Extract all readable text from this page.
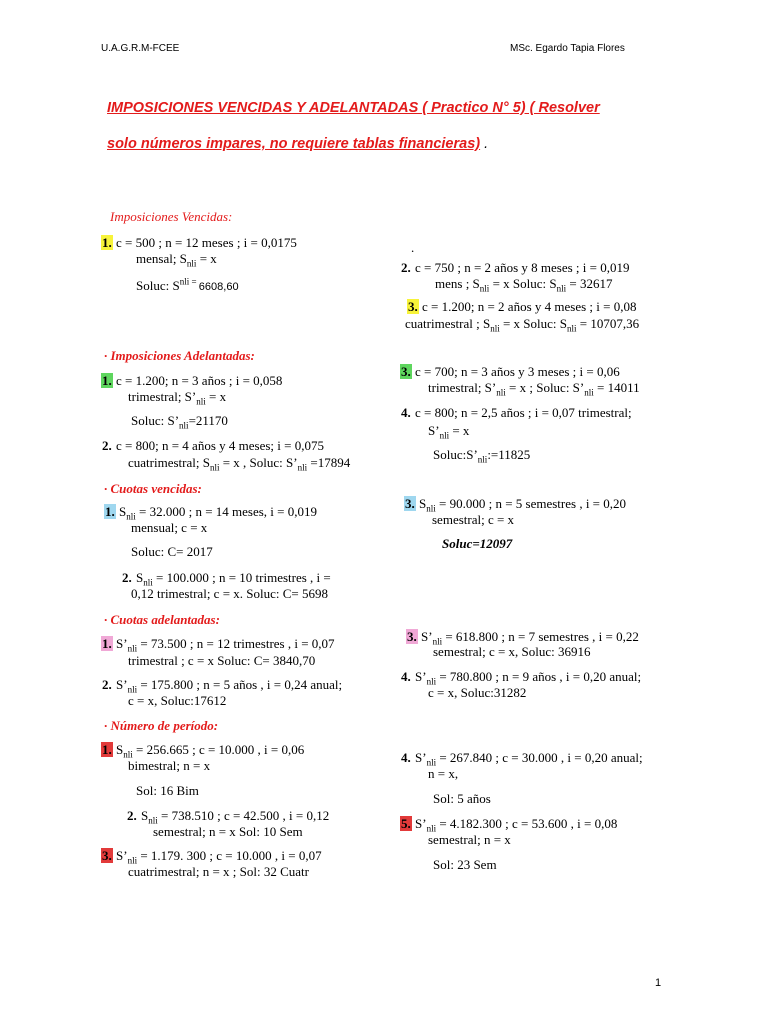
U.A.G.R.M-FCEE	MSc. Egardo Tapia Flores
IMPOSICIONES VENCIDAS Y ADELANTADAS ( Practico N° 5) ( Resolver
solo números impares, no requiere tablas financieras) .
Imposiciones Vencidas:
1. c = 500 ; n = 12 meses ; i = 0,0175
mensal; $S_{nli} = x$
Soluc: $S^{nli =}$ 6608,60
· Imposiciones Adelantadas:
1. c = 1.200; n = 3 años ; i = 0,058
trimestral; $S’_{nli} = x$
Soluc: $S’_{nli}=21170$
2. c = 800; n = 4 años y 4 meses; i = 0,075
cuatrimestral; $S_{nli} = x$ , Soluc: $S’_{nli} =17894$
· Cuotas vencidas:
1. $S_{nli} = 32.000$ ; n = 14 meses, i = 0,019
mensual; c = x
Soluc: C= 2017
2. $S_{nli} = 100.000$ ; n = 10 trimestres , i =
0,12 trimestral; c = x. Soluc: C= 5698
· Cuotas adelantadas:
1. $S’_{nli} = 73.500$ ; n = 12 trimestres , i = 0,07
trimestral ; c = x Soluc: C= 3840,70
2. $S’_{nli} = 175.800$ ; n = 5 años , i = 0,24 anual;
c = x, Soluc:17612
· Número de período:
1. $S_{nli} = 256.665$ ; c = 10.000 , i = 0,06
bimestral; n = x
Sol: 16 Bim
2. $S_{nli} = 738.510$ ; c = 42.500 , i = 0,12
semestral; n = x Sol: 10 Sem
3. $S’_{nli} = 1.179$. 300 ; c = 10.000 , i = 0,07
cuatrimestral; n = x ; Sol: 32 Cuatr
.
2. c = 750 ; n = 2 años y 8 meses ; i = 0,019
mens ; $S_{nli} = x$ Soluc: $S_{nli} = 32617$
3. c = 1.200; n = 2 años y 4 meses ; i = 0,08
cuatrimestral ; $S_{nli} = x$ Soluc: $S_{nli} = 10707,36$
3. c = 700; n = 3 años y 3 meses ; i = 0,06
trimestral; $S’_{nli} = x$ ; Soluc: $S’_{nli} = 14011$
4. c = 800; n = 2,5 años ; i = 0,07 trimestral;
$S’_{nli} = x$
$Soluc:S’_{nli}:=11825$
3. $S_{nli} = 90.000$ ; n = 5 semestres , i = 0,20
semestral; c = x
Soluc=12097
3. $S’_{nli} = 618.800$ ; n = 7 semestres , i = 0,22
semestral; c = x, Soluc: 36916
4. $S’_{nli} = 780.800$ ; n = 9 años , i = 0,20 anual;
c = x, Soluc:31282
4. $S’_{nli} = 267.840$ ; c = 30.000 , i = 0,20 anual;
n = x,
Sol: 5 años
5. $S’_{nli} = 4.182.300$ ; c = 53.600 , i = 0,08
semestral; n = x
Sol: 23 Sem
1
